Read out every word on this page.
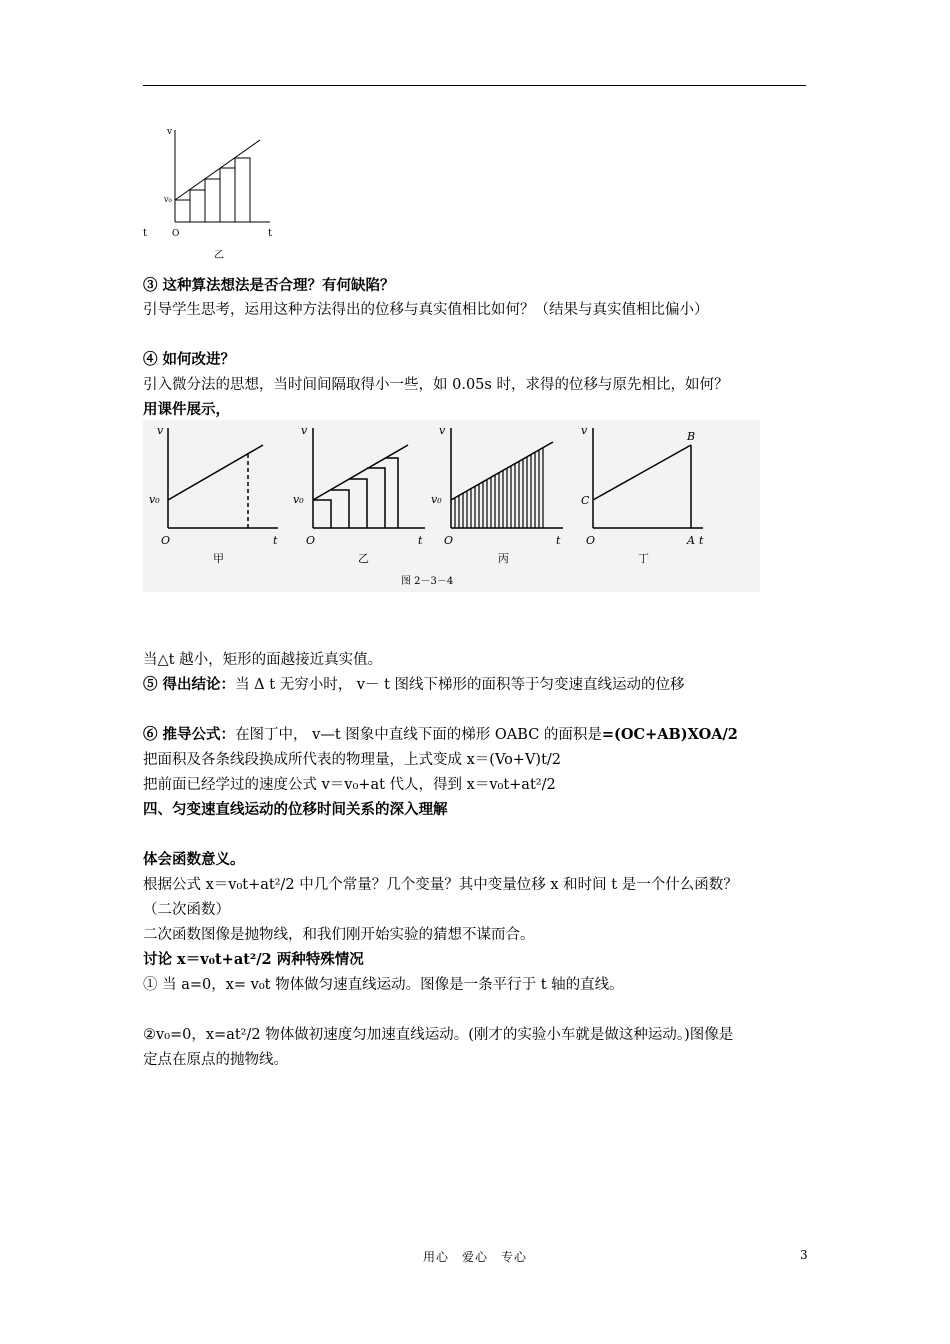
v
v₀
O
t	t
乙
v
v₀
O	t
v
v₀
O	t
v
v₀
O	t
v	B
C
O	A t
甲	乙	丙	丁
图 2－3－4
③ 这种算法想法是否合理？有何缺陷？
引导学生思考，运用这种方法得出的位移与真实值相比如何？（结果与真实值相比偏小）
④ 如何改进？
引入微分法的思想，当时间间隔取得小一些，如 0.05s 时，求得的位移与原先相比，如何？
用课件展示，
当△t 越小，矩形的面越接近真实值。
⑤ 得出结论：当 Δ t 无穷小时， v－ t 图线下梯形的面积等于匀变速直线运动的位移
⑥ 推导公式：在图丁中， v—t 图象中直线下面的梯形 OABC 的面积是=(OC+AB)XOA/2
把面积及各条线段换成所代表的物理量，上式变成 x＝(Vo+V)t/2
把前面已经学过的速度公式 v＝v₀+at 代人，得到 x＝v₀t+at²/2
四、匀变速直线运动的位移时间关系的深入理解
体会函数意义。
根据公式 x＝v₀t+at²/2 中几个常量？几个变量？其中变量位移 x 和时间 t 是一个什么函数？
（二次函数）
二次函数图像是抛物线，和我们刚开始实验的猜想不谋而合。
讨论 x＝v₀t+at²/2 两种特殊情况
① 当 a=0，x= v₀t 物体做匀速直线运动。图像是一条平行于 t 轴的直线。
②v₀=0，x=at²/2 物体做初速度匀加速直线运动。(刚才的实验小车就是做这种运动。)图像是
定点在原点的抛物线。
用心　爱心　专心	3
